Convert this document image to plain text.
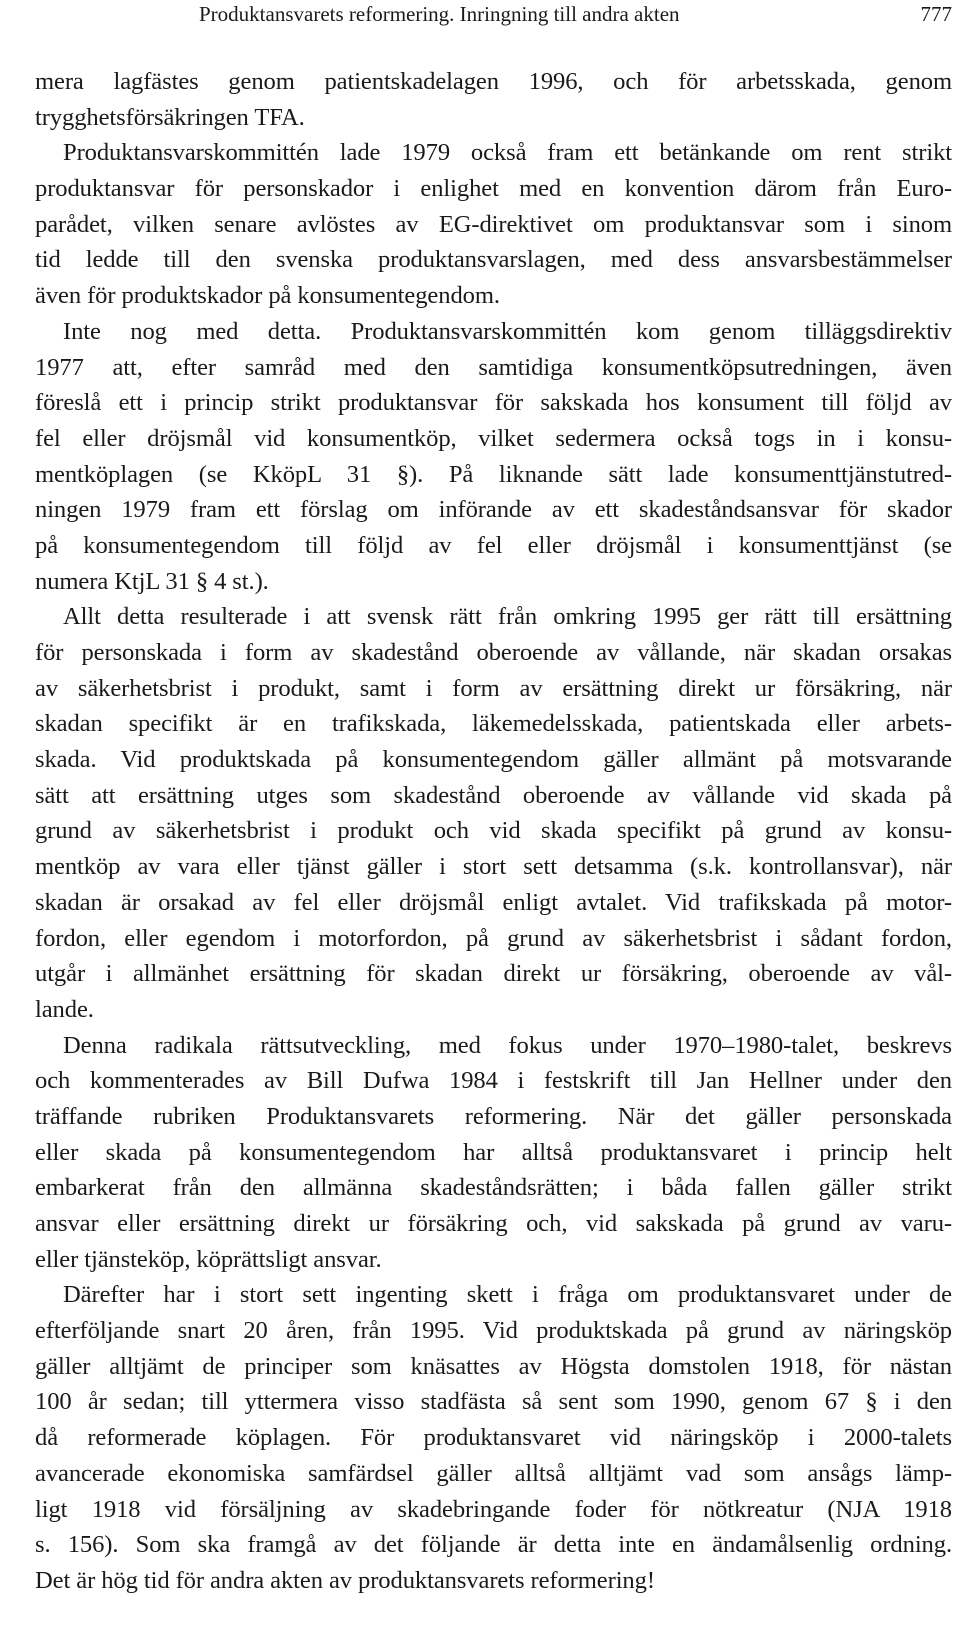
Produktansvarets reformering. Inringning till andra akten	777
mera lagfästes genom patientskadelagen 1996, och för arbetsskada, genom
trygghetsförsäkringen TFA.
Produktansvarskommittén lade 1979 också fram ett betänkande om rent strikt
produktansvar för personskador i enlighet med en konvention därom från Euro-
parådet, vilken senare avlöstes av EG-direktivet om produktansvar som i sinom
tid ledde till den svenska produktansvarslagen, med dess ansvarsbestämmelser
även för produktskador på konsumentegendom.
Inte nog med detta. Produktansvarskommittén kom genom tilläggsdirektiv
1977 att, efter samråd med den samtidiga konsumentköpsutredningen, även
föreslå ett i princip strikt produktansvar för sakskada hos konsument till följd av
fel eller dröjsmål vid konsumentköp, vilket sedermera också togs in i konsu-
mentköplagen (se KköpL 31 §). På liknande sätt lade konsumenttjänstutred-
ningen 1979 fram ett förslag om införande av ett skadeståndsansvar för skador
på konsumentegendom till följd av fel eller dröjsmål i konsumenttjänst (se
numera KtjL 31 § 4 st.).
Allt detta resulterade i att svensk rätt från omkring 1995 ger rätt till ersättning
för personskada i form av skadestånd oberoende av vållande, när skadan orsakas
av säkerhetsbrist i produkt, samt i form av ersättning direkt ur försäkring, när
skadan specifikt är en trafikskada, läkemedelsskada, patientskada eller arbets-
skada. Vid produktskada på konsumentegendom gäller allmänt på motsvarande
sätt att ersättning utges som skadestånd oberoende av vållande vid skada på
grund av säkerhetsbrist i produkt och vid skada specifikt på grund av konsu-
mentköp av vara eller tjänst gäller i stort sett detsamma (s.k. kontrollansvar), när
skadan är orsakad av fel eller dröjsmål enligt avtalet. Vid trafikskada på motor-
fordon, eller egendom i motorfordon, på grund av säkerhetsbrist i sådant fordon,
utgår i allmänhet ersättning för skadan direkt ur försäkring, oberoende av vål-
lande.
Denna radikala rättsutveckling, med fokus under 1970–1980-talet, beskrevs
och kommenterades av Bill Dufwa 1984 i festskrift till Jan Hellner under den
träffande rubriken Produktansvarets reformering. När det gäller personskada
eller skada på konsumentegendom har alltså produktansvaret i princip helt
embarkerat från den allmänna skadeståndsrätten; i båda fallen gäller strikt
ansvar eller ersättning direkt ur försäkring och, vid sakskada på grund av varu-
eller tjänsteköp, köprättsligt ansvar.
Därefter har i stort sett ingenting skett i fråga om produktansvaret under de
efterföljande snart 20 åren, från 1995. Vid produktskada på grund av näringsköp
gäller alltjämt de principer som knäsattes av Högsta domstolen 1918, för nästan
100 år sedan; till yttermera visso stadfästa så sent som 1990, genom 67 § i den
då reformerade köplagen. För produktansvaret vid näringsköp i 2000-talets
avancerade ekonomiska samfärdsel gäller alltså alltjämt vad som ansågs lämp-
ligt 1918 vid försäljning av skadebringande foder för nötkreatur (NJA 1918
s. 156). Som ska framgå av det följande är detta inte en ändamålsenlig ordning.
Det är hög tid för andra akten av produktansvarets reformering!
